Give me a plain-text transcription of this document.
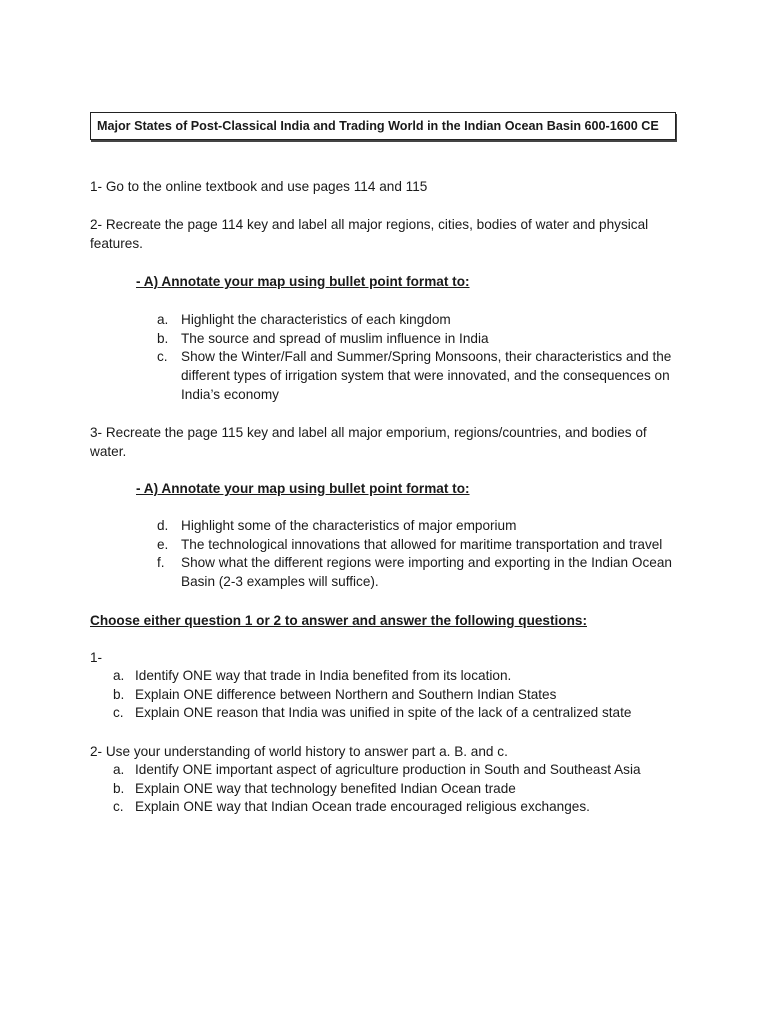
Major States of Post-Classical India and Trading World in the Indian Ocean Basin 600-1600 CE

1- Go to the online textbook and use pages 114 and 115

2- Recreate the page 114 key and label all major regions, cities, bodies of water and physical features.

- A) Annotate your map using bullet point format to:

a. Highlight the characteristics of each kingdom
b. The source and spread of muslim influence in India
c. Show the Winter/Fall and Summer/Spring Monsoons, their characteristics and the different types of irrigation system that were innovated, and the consequences on India’s economy

3- Recreate the page 115 key and label all major emporium, regions/countries, and bodies of water.

- A) Annotate your map using bullet point format to:

d. Highlight some of the characteristics of major emporium
e. The technological innovations that allowed for maritime transportation and travel
f. Show what the different regions were importing and exporting in the Indian Ocean Basin (2-3 examples will suffice).

Choose either question 1 or 2 to answer and answer the following questions:

1-

a. Identify ONE way that trade in India benefited from its location.
b. Explain ONE difference between Northern and Southern Indian States
c. Explain ONE reason that India was unified in spite of the lack of a centralized state

2- Use your understanding of world history to answer part a. B. and c.

a. Identify ONE important aspect of agriculture production in South and Southeast Asia
b. Explain ONE way that technology benefited Indian Ocean trade
c. Explain ONE way that Indian Ocean trade encouraged religious exchanges.
